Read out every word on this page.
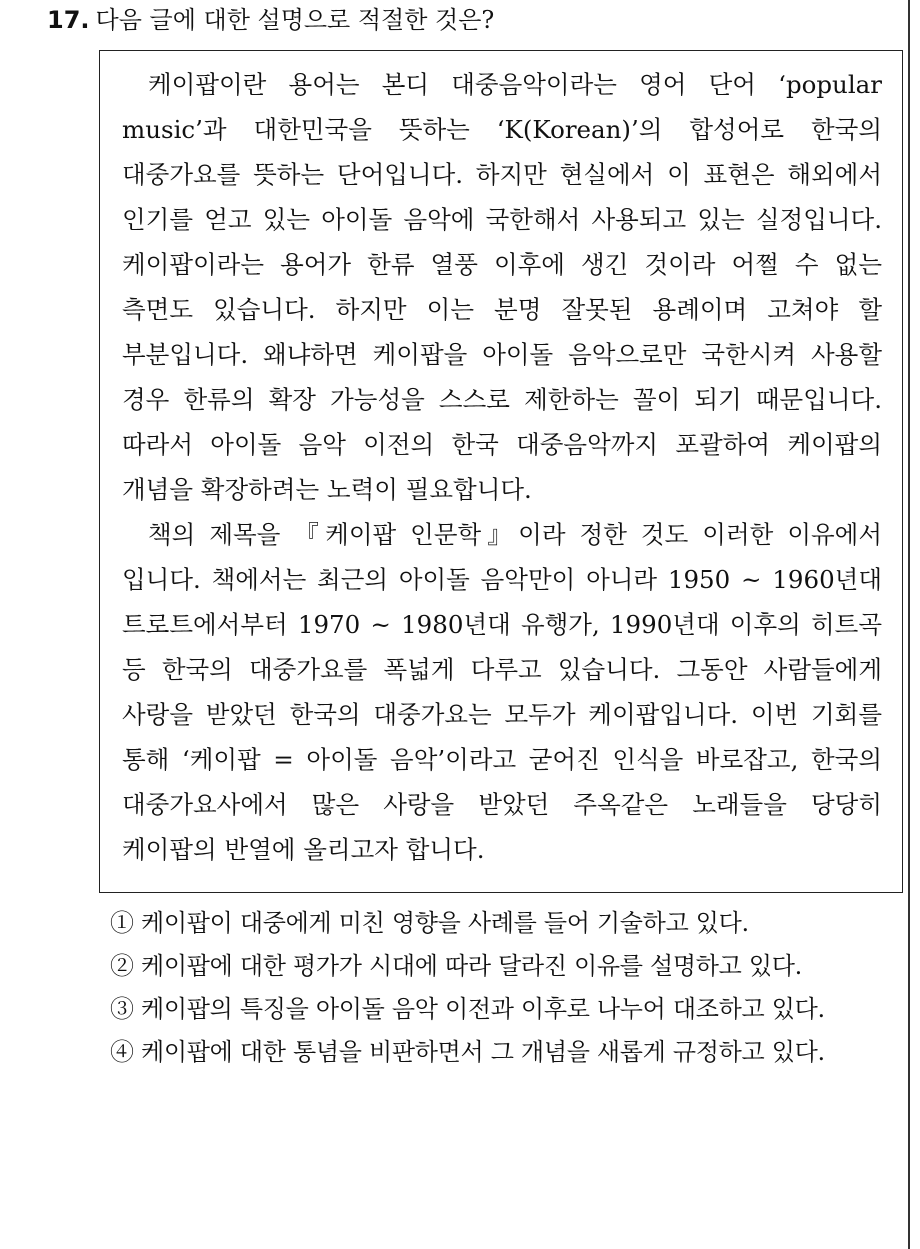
17. 다음 글에 대한 설명으로 적절한 것은?

케이팝이란 용어는 본디 대중음악이라는 영어 단어 ‘popular music’과 대한민국을 뜻하는 ‘K(Korean)’의 합성어로 한국의 대중가요를 뜻하는 단어입니다. 하지만 현실에서 이 표현은 해외에서 인기를 얻고 있는 아이돌 음악에 국한해서 사용되고 있는 실정입니다. 케이팝이라는 용어가 한류 열풍 이후에 생긴 것이라 어쩔 수 없는 측면도 있습니다. 하지만 이는 분명 잘못된 용례이며 고쳐야 할 부분입니다. 왜냐하면 케이팝을 아이돌 음악으로만 국한시켜 사용할 경우 한류의 확장 가능성을 스스로 제한하는 꼴이 되기 때문입니다. 따라서 아이돌 음악 이전의 한국 대중음악까지 포괄하여 케이팝의 개념을 확장하려는 노력이 필요합니다.

책의 제목을 『케이팝 인문학』이라 정한 것도 이러한 이유에서 입니다. 책에서는 최근의 아이돌 음악만이 아니라 1950 ~ 1960년대 트로트에서부터 1970 ~ 1980년대 유행가, 1990년대 이후의 히트곡 등 한국의 대중가요를 폭넓게 다루고 있습니다. 그동안 사람들에게 사랑을 받았던 한국의 대중가요는 모두가 케이팝입니다. 이번 기회를 통해 ‘케이팝 = 아이돌 음악’이라고 굳어진 인식을 바로잡고, 한국의 대중가요사에서 많은 사랑을 받았던 주옥같은 노래들을 당당히 케이팝의 반열에 올리고자 합니다.

① 케이팝이 대중에게 미친 영향을 사례를 들어 기술하고 있다.
② 케이팝에 대한 평가가 시대에 따라 달라진 이유를 설명하고 있다.
③ 케이팝의 특징을 아이돌 음악 이전과 이후로 나누어 대조하고 있다.
④ 케이팝에 대한 통념을 비판하면서 그 개념을 새롭게 규정하고 있다.
